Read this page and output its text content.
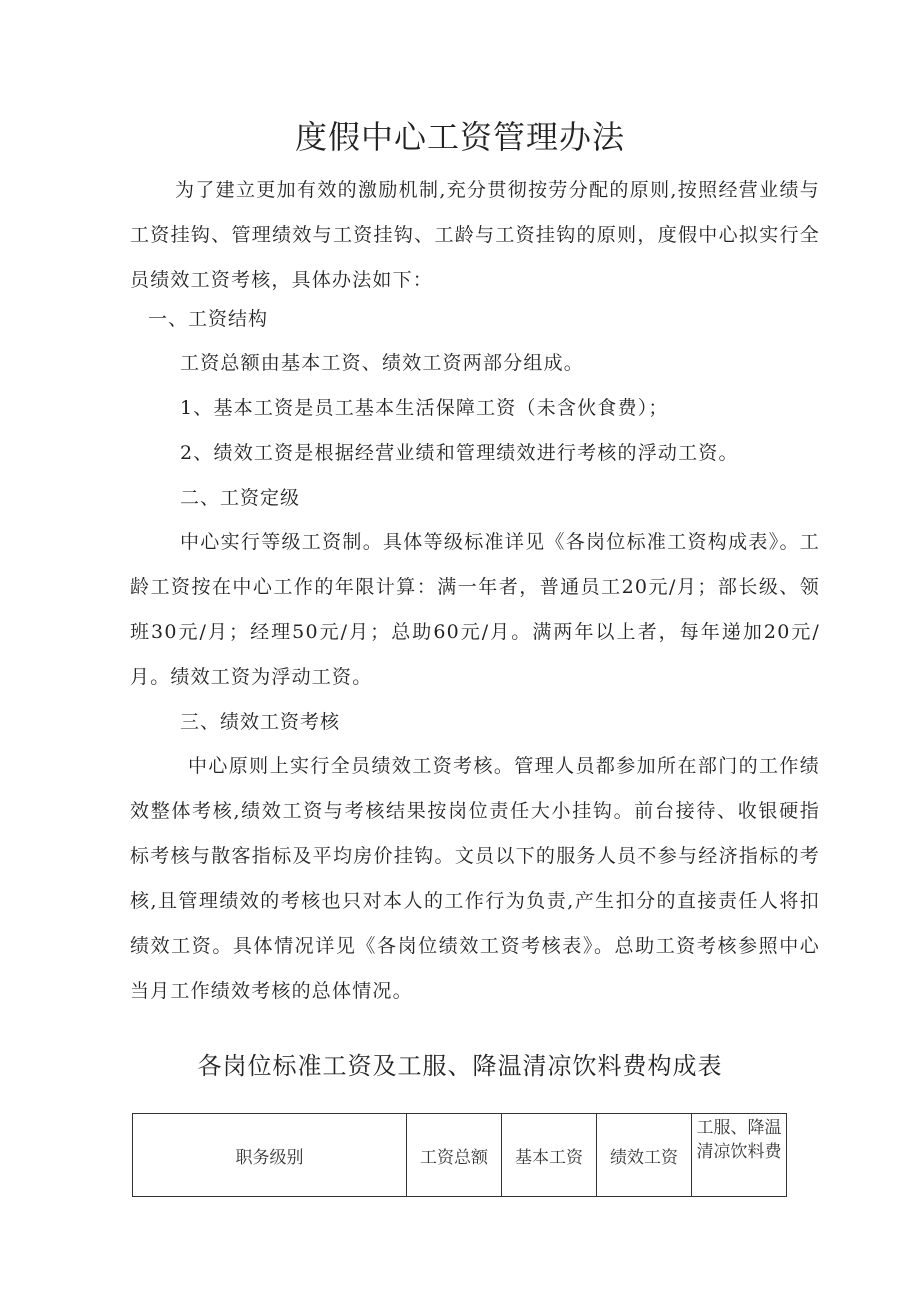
度假中心工资管理办法

为了建立更加有效的激励机制,充分贯彻按劳分配的原则,按照经营业绩与工资挂钩、管理绩效与工资挂钩、工龄与工资挂钩的原则，度假中心拟实行全员绩效工资考核，具体办法如下：

一、工资结构
工资总额由基本工资、绩效工资两部分组成。
1、基本工资是员工基本生活保障工资（未含伙食费）；
2、绩效工资是根据经营业绩和管理绩效进行考核的浮动工资。
二、工资定级

中心实行等级工资制。具体等级标准详见《各岗位标准工资构成表》。工龄工资按在中心工作的年限计算：满一年者，普通员工20元/月；部长级、领班30元/月；经理50元/月；总助60元/月。满两年以上者，每年递加20元/月。绩效工资为浮动工资。

三、绩效工资考核

中心原则上实行全员绩效工资考核。管理人员都参加所在部门的工作绩效整体考核,绩效工资与考核结果按岗位责任大小挂钩。前台接待、收银硬指标考核与散客指标及平均房价挂钩。文员以下的服务人员不参与经济指标的考核,且管理绩效的考核也只对本人的工作行为负责,产生扣分的直接责任人将扣绩效工资。具体情况详见《各岗位绩效工资考核表》。总助工资考核参照中心当月工作绩效考核的总体情况。

各岗位标准工资及工服、降温清凉饮料费构成表
职务级别	工资总额	基本工资	绩效工资	工服、降温清凉饮料费
